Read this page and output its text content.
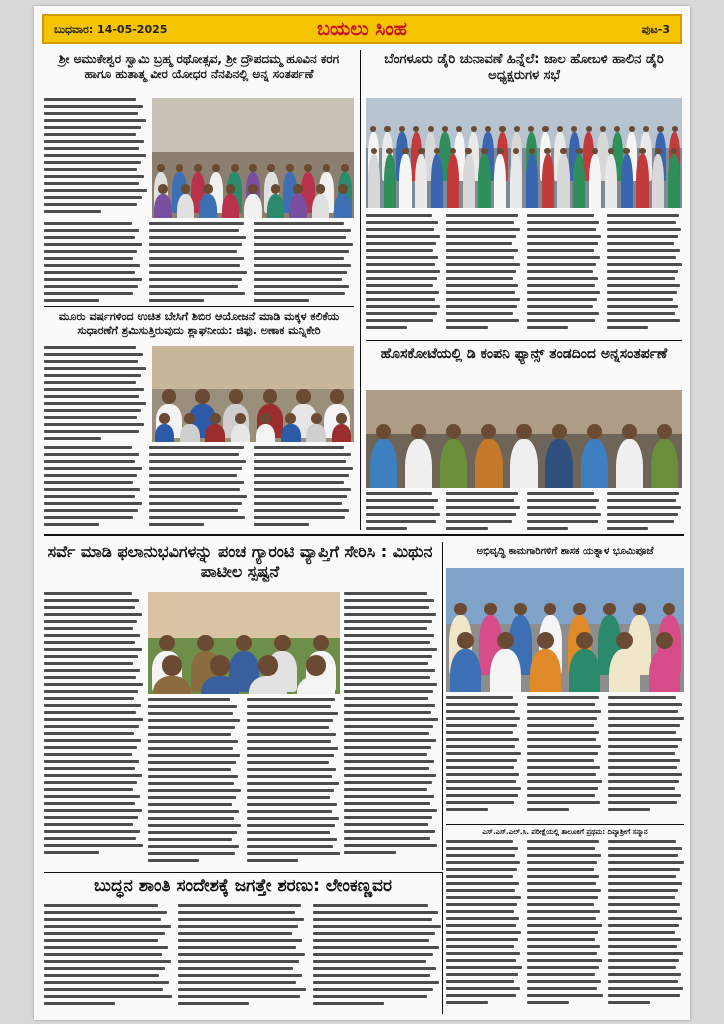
ಬುಧವಾರ: 14-05-2025	ಬಯಲು ಸಿಂಹ	ಪುಟ-3
ಶ್ರೀ ಅಮುಕೇಶ್ವರ ಸ್ವಾಮಿ ಬ್ರಹ್ಮ ರಥೋತ್ಸವ, ಶ್ರೀ ದ್ರೌಪದಮ್ಮ ಹೂವಿನ ಕರಗ ಹಾಗೂ ಹುತಾತ್ಮ ವೀರ ಯೋಧರ ನೆನಪಿನಲ್ಲಿ ಅನ್ನ ಸಂತರ್ಪಣೆ
ಮೂರು ವರ್ಷಗಳಿಂದ ಉಚಿತ ಬೇಸಿಗೆ ಶಿಬಿರ ಆಯೋಜನೆ ಮಾಡಿ ಮಕ್ಕಳ ಕಲಿಕೆಯ ಸುಧಾರಣೆಗೆ ಶ್ರಮಿಸುತ್ತಿರುವುದು ಶ್ಲಾಘನೀಯ: ಜಿಫು. ಅಣಾಕ ಮನ್ನಿಕೇರಿ
ಬೆಂಗಳೂರು ಡೈರಿ ಚುನಾವಣೆ ಹಿನ್ನೆಲೆ: ಜಾಲ ಹೋಬಳಿ ಹಾಲಿನ ಡೈರಿ ಅಧ್ಯಕ್ಷರುಗಳ ಸಭೆ
ಹೊಸಕೋಟೆಯಲ್ಲಿ ಡಿ ಕಂಪನಿ ಫ್ಯಾನ್ಸ್ ತಂಡದಿಂದ ಅನ್ನಸಂತರ್ಪಣೆ
ಸರ್ವೆ ಮಾಡಿ ಫಲಾನುಭವಿಗಳನ್ನು ಪಂಚ ಗ್ಯಾರಂಟಿ ವ್ಯಾಪ್ತಿಗೆ ಸೇರಿಸಿ : ಮಿಥುನ ಪಾಟೀಲ ಸ್ಪಷ್ಟನೆ
ಅಭಿವೃದ್ಧಿ ಕಾಮಗಾರಿಗಳಿಗೆ ಶಾಸಕ ಯತ್ನಾಳ ಭೂಮಿಪೂಜೆ
ಎಸ್.ಎಸ್.ಎಲ್.ಸಿ. ಪರೀಕ್ಷೆಯಲ್ಲಿ ತಾಲೂಕಿಗೆ ಪ್ರಥಮ: ದಿವ್ಯಾಶ್ರೀಗೆ ಸನ್ಮಾನ
ಬುದ್ಧನ ಶಾಂತಿ ಸಂದೇಶಕ್ಕೆ ಜಗತ್ತೇ ಶರಣು: ಲೇಂಕಣ್ಣವರ
